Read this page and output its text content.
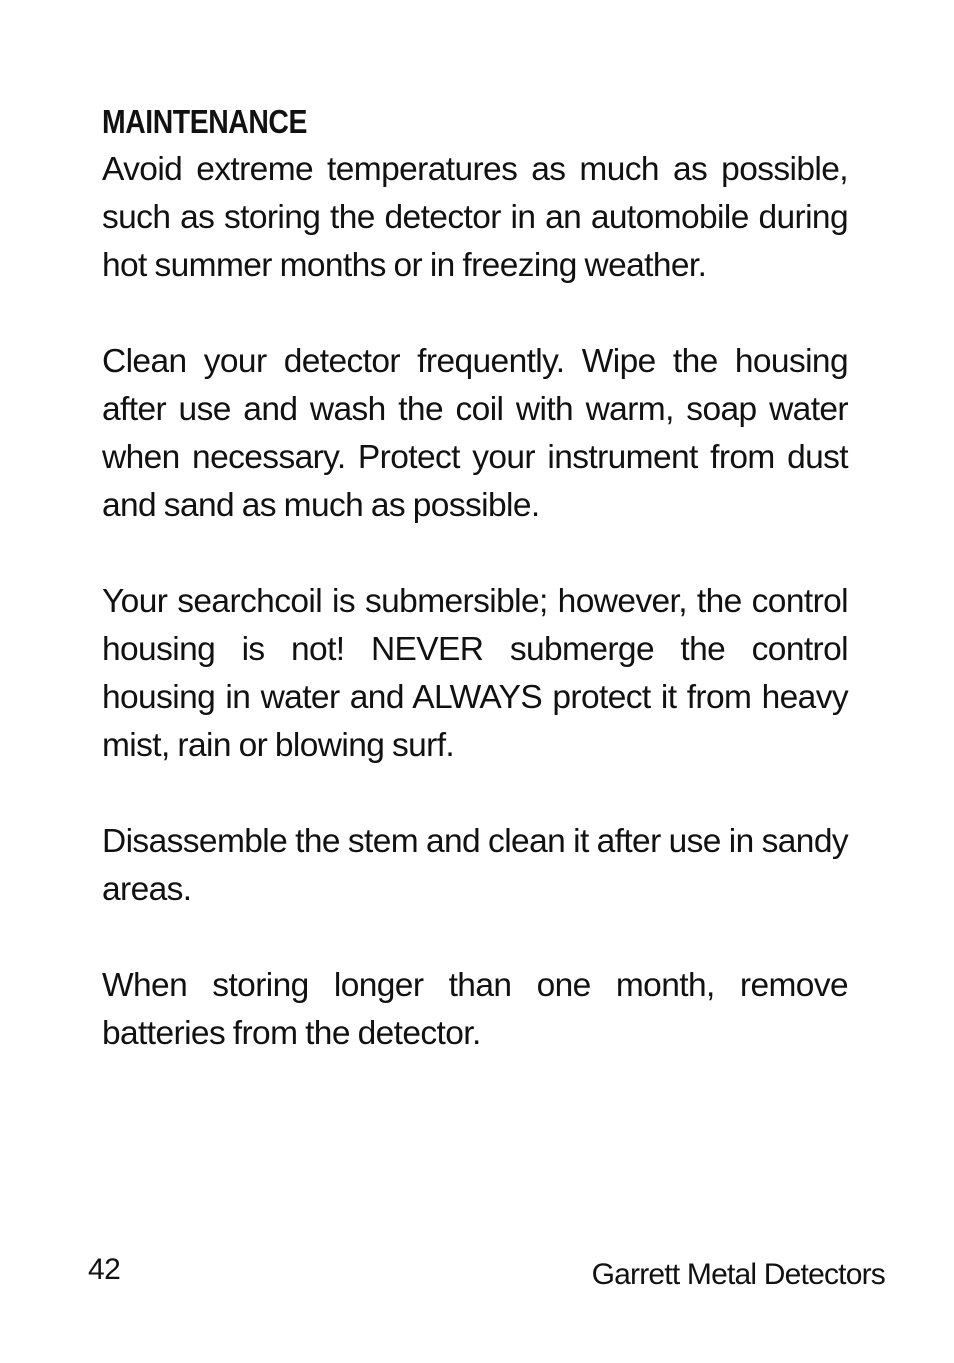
MAINTENANCE

Avoid extreme temperatures as much as possible, such as storing the detector in an automobile during hot summer months or in freezing weather.

Clean your detector frequently. Wipe the housing after use and wash the coil with warm, soap water when necessary. Protect your instrument from dust and sand as much as possible.

Your searchcoil is submersible; however, the control housing is not! NEVER submerge the control housing in water and ALWAYS protect it from heavy mist, rain or blowing surf.

Disassemble the stem and clean it after use in sandy areas.

When storing longer than one month, remove batteries from the detector.

42	Garrett Metal Detectors
